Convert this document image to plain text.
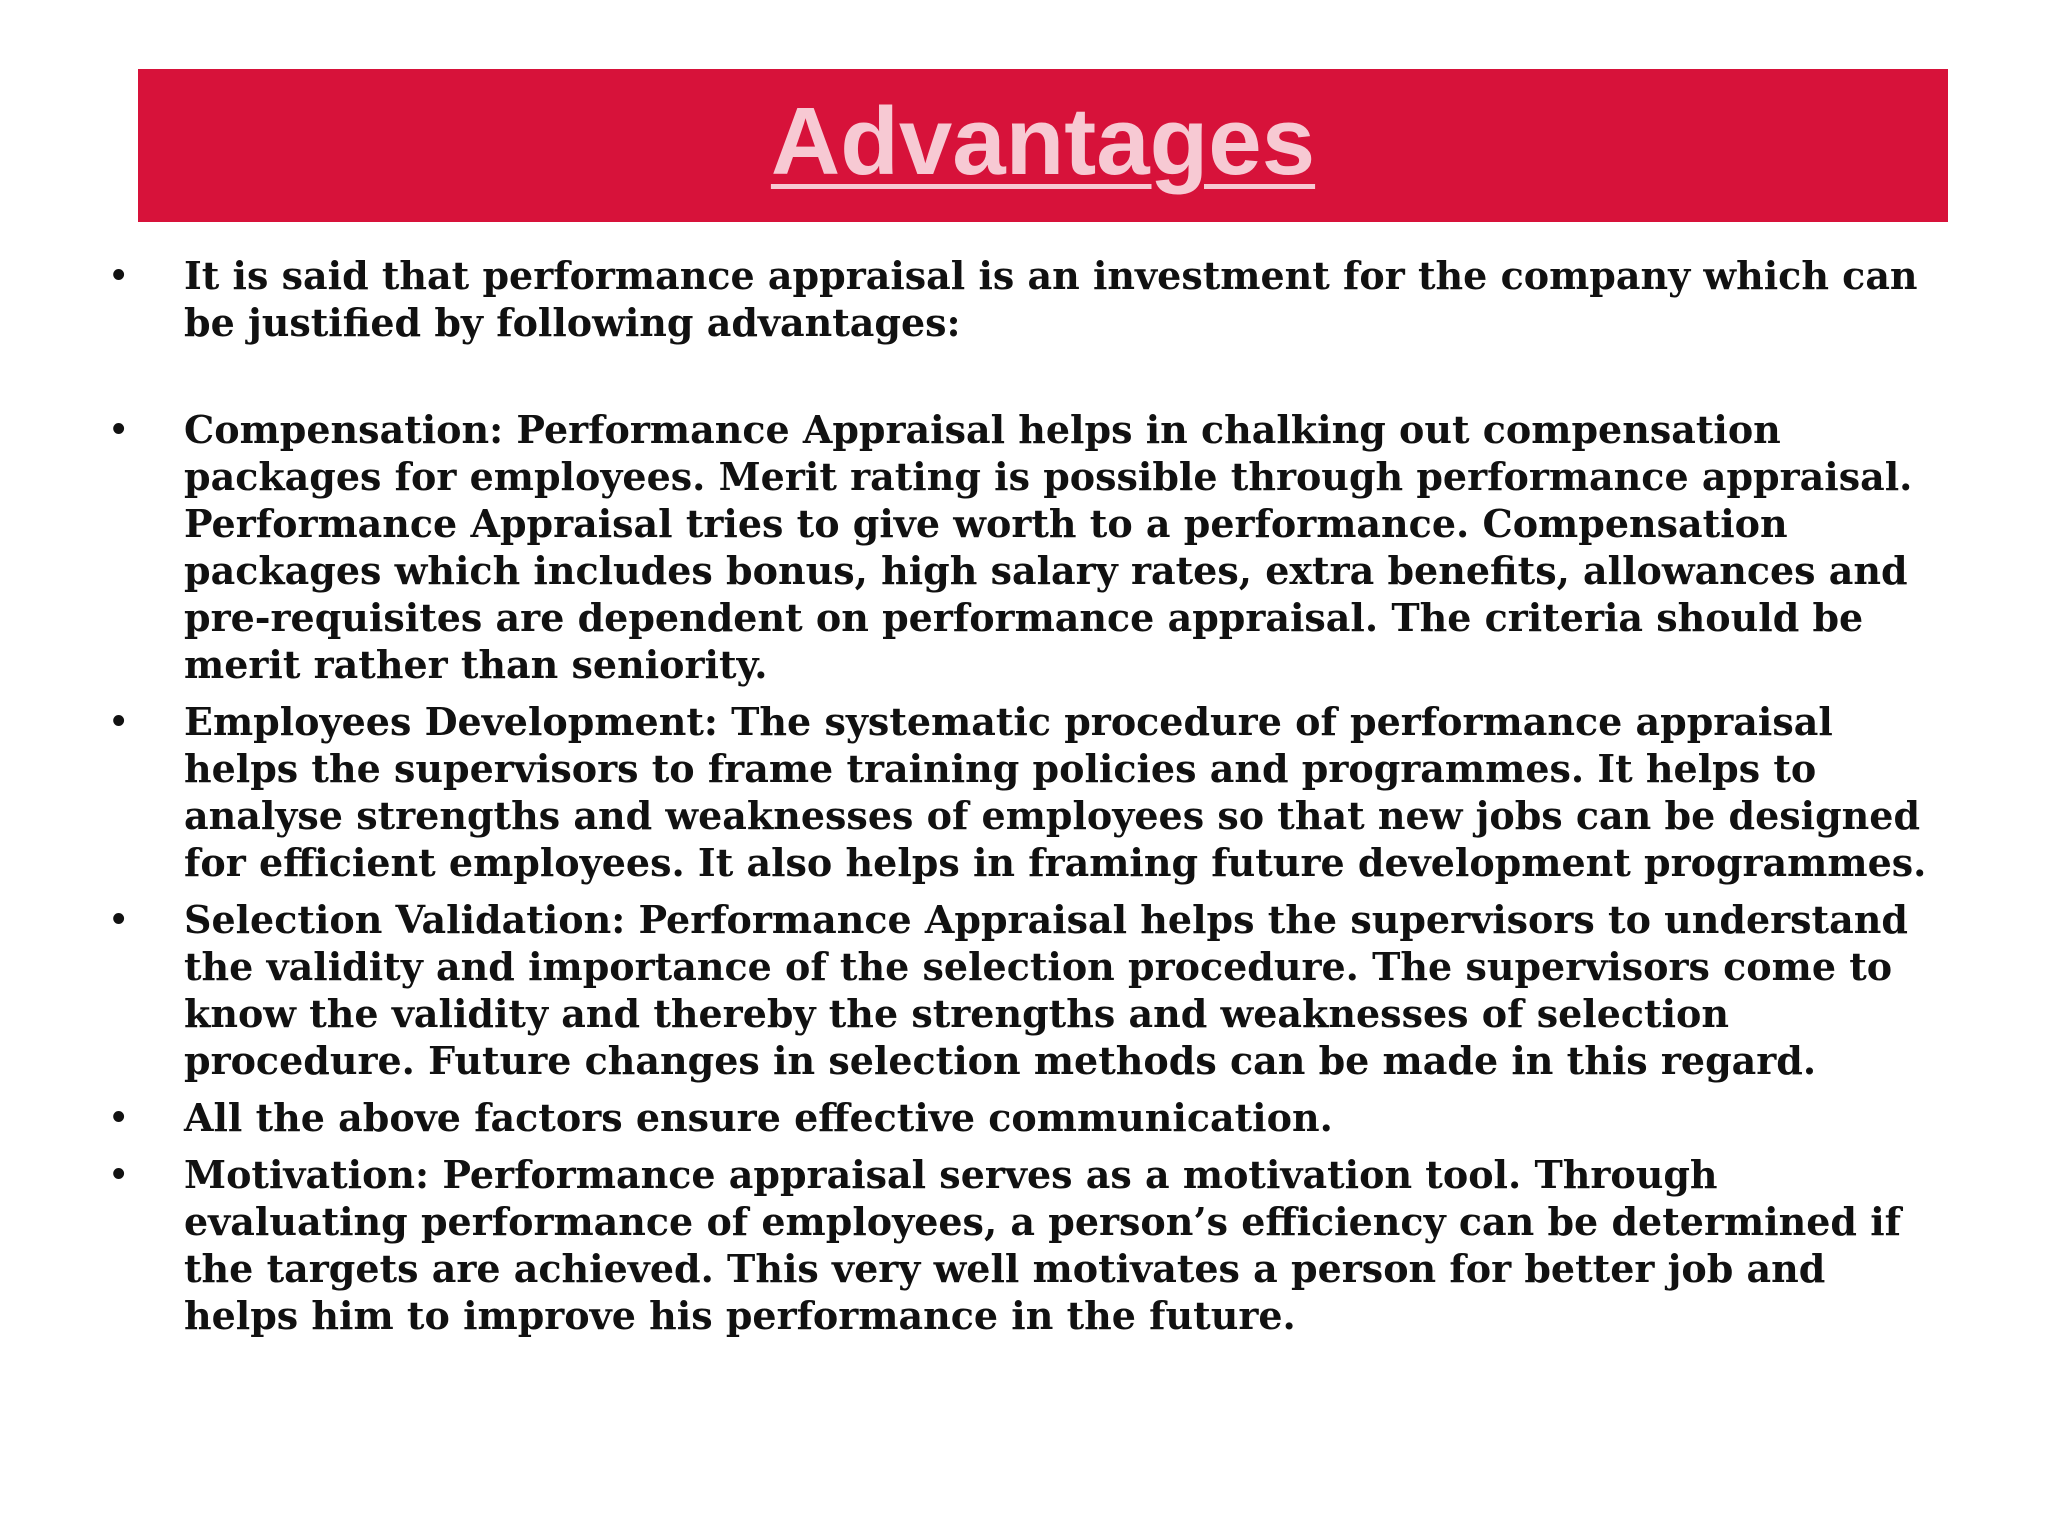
Advantages
• It is said that performance appraisal is an investment for the company which can be justified by following advantages:
• Compensation: Performance Appraisal helps in chalking out compensation packages for employees. Merit rating is possible through performance appraisal. Performance Appraisal tries to give worth to a performance. Compensation packages which includes bonus, high salary rates, extra benefits, allowances and pre-requisites are dependent on performance appraisal. The criteria should be merit rather than seniority.
• Employees Development: The systematic procedure of performance appraisal helps the supervisors to frame training policies and programmes. It helps to analyse strengths and weaknesses of employees so that new jobs can be designed for efficient employees. It also helps in framing future development programmes.
• Selection Validation: Performance Appraisal helps the supervisors to understand the validity and importance of the selection procedure. The supervisors come to know the validity and thereby the strengths and weaknesses of selection procedure. Future changes in selection methods can be made in this regard.
• All the above factors ensure effective communication.
• Motivation: Performance appraisal serves as a motivation tool. Through evaluating performance of employees, a person’s efficiency can be determined if the targets are achieved. This very well motivates a person for better job and helps him to improve his performance in the future.
